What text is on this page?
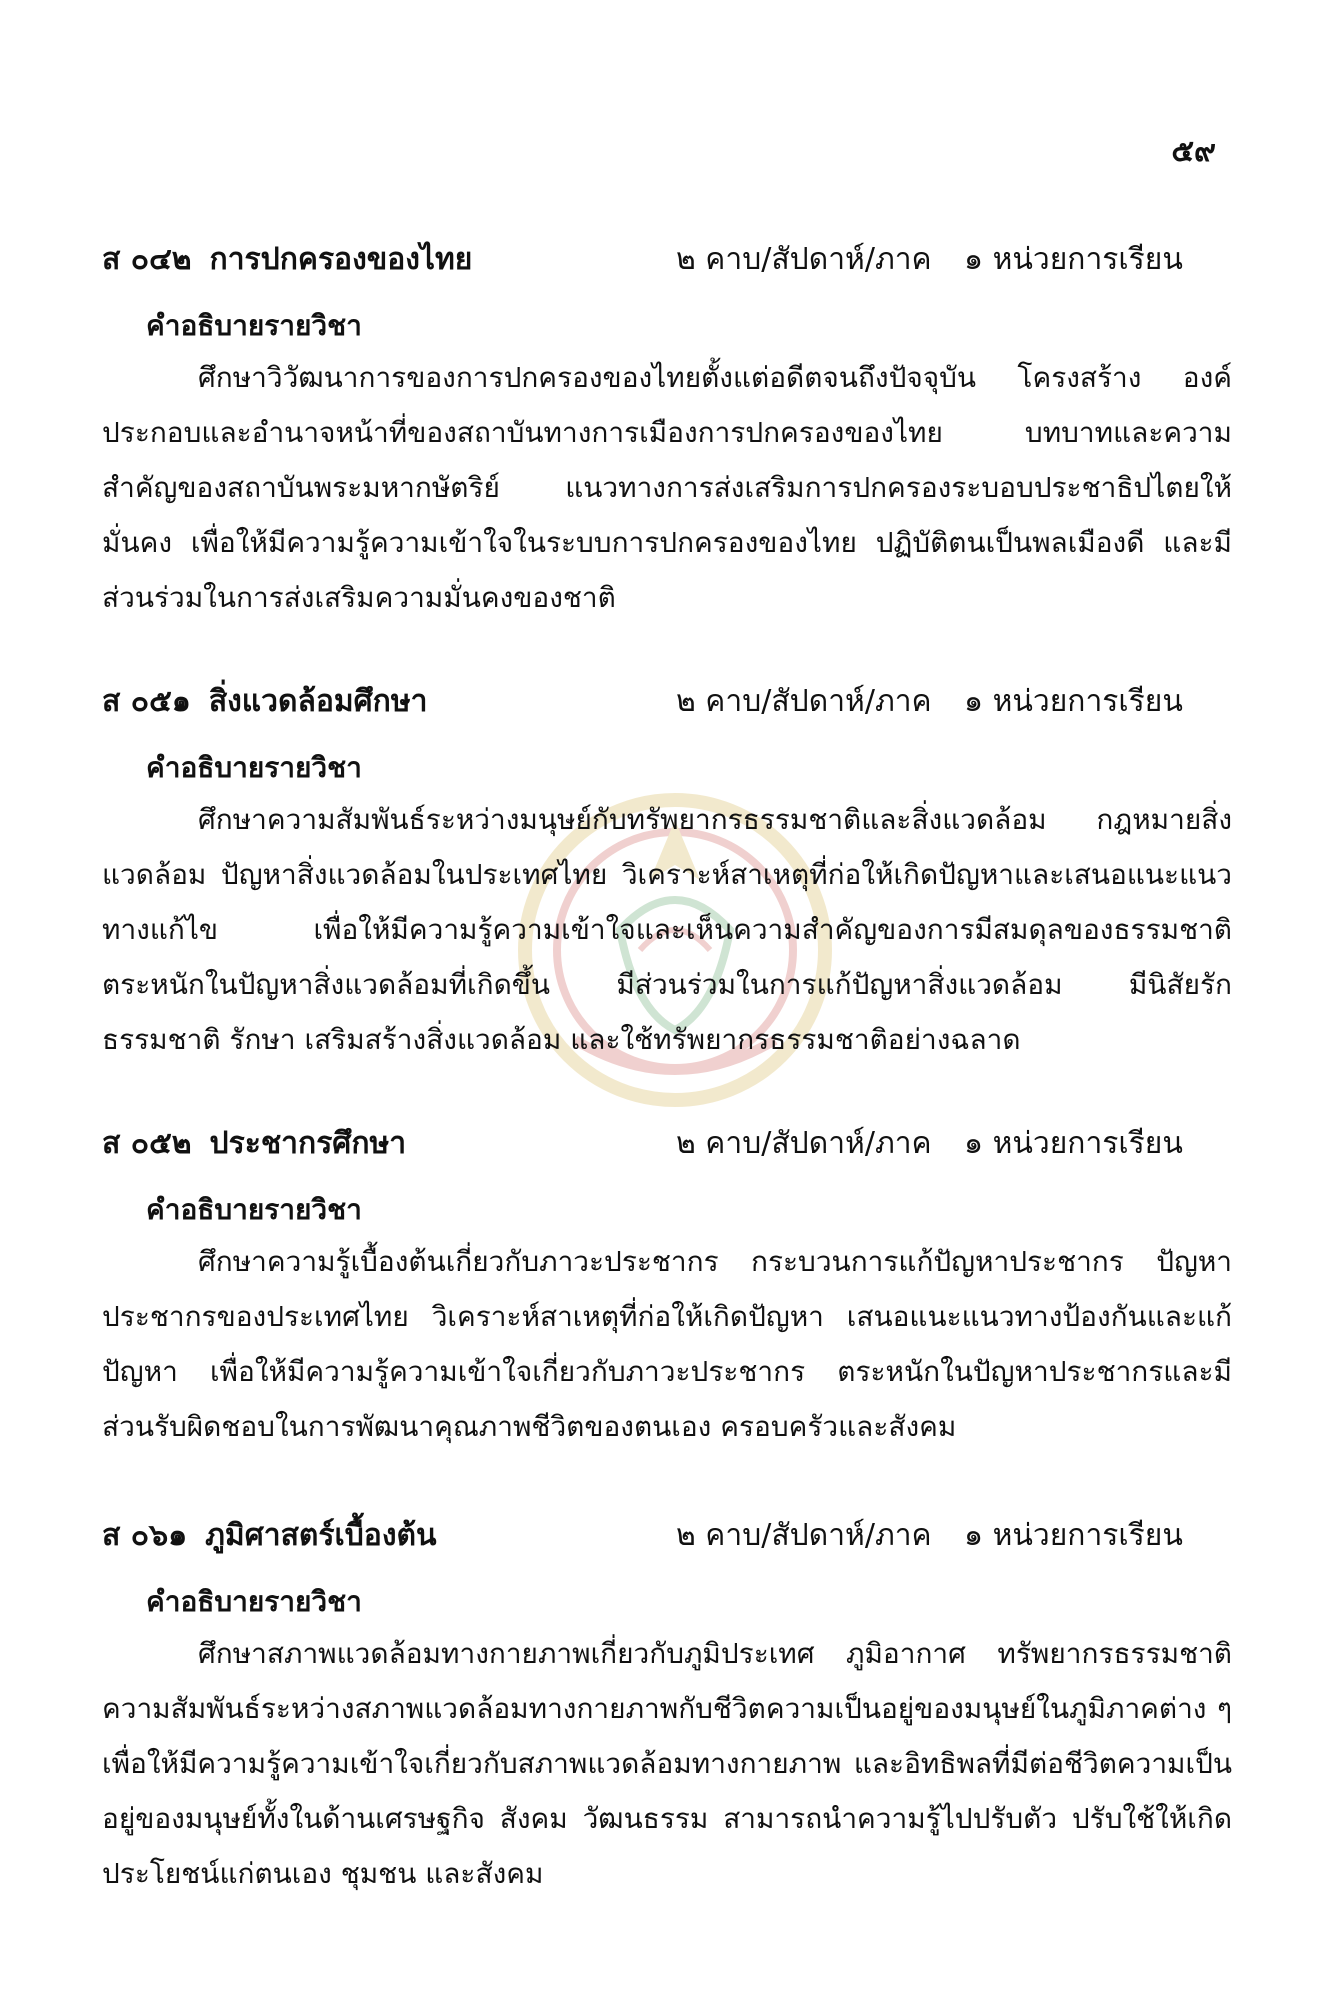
๕๙
ส ๐๔๒ การปกครองของไทย	๒ คาบ/สัปดาห์/ภาค ๑ หน่วยการเรียน
คำอธิบายรายวิชา

ศึกษาวิวัฒนาการของการปกครองของไทยตั้งแต่อดีตจนถึงปัจจุบัน โครงสร้าง องค์ประกอบและอำนาจหน้าที่ของสถาบันทางการเมืองการปกครองของไทย บทบาทและความสำคัญของสถาบันพระมหากษัตริย์ แนวทางการส่งเสริมการปกครองระบอบประชาธิปไตยให้มั่นคง เพื่อให้มีความรู้ความเข้าใจในระบบการปกครองของไทย ปฏิบัติตนเป็นพลเมืองดี และมีส่วนร่วมในการส่งเสริมความมั่นคงของชาติ

ส ๐๕๑ สิ่งแวดล้อมศึกษา	๒ คาบ/สัปดาห์/ภาค ๑ หน่วยการเรียน
คำอธิบายรายวิชา

ศึกษาความสัมพันธ์ระหว่างมนุษย์กับทรัพยากรธรรมชาติและสิ่งแวดล้อม กฎหมายสิ่งแวดล้อม ปัญหาสิ่งแวดล้อมในประเทศไทย วิเคราะห์สาเหตุที่ก่อให้เกิดปัญหาและเสนอแนะแนวทางแก้ไข เพื่อให้มีความรู้ความเข้าใจและเห็นความสำคัญของการมีสมดุลของธรรมชาติ ตระหนักในปัญหาสิ่งแวดล้อมที่เกิดขึ้น มีส่วนร่วมในการแก้ปัญหาสิ่งแวดล้อม มีนิสัยรักธรรมชาติ รักษา เสริมสร้างสิ่งแวดล้อม และใช้ทรัพยากรธรรมชาติอย่างฉลาด

ส ๐๕๒ ประชากรศึกษา	๒ คาบ/สัปดาห์/ภาค ๑ หน่วยการเรียน
คำอธิบายรายวิชา

ศึกษาความรู้เบื้องต้นเกี่ยวกับภาวะประชากร กระบวนการแก้ปัญหาประชากร ปัญหาประชากรของประเทศไทย วิเคราะห์สาเหตุที่ก่อให้เกิดปัญหา เสนอแนะแนวทางป้องกันและแก้ปัญหา เพื่อให้มีความรู้ความเข้าใจเกี่ยวกับภาวะประชากร ตระหนักในปัญหาประชากรและมีส่วนรับผิดชอบในการพัฒนาคุณภาพชีวิตของตนเอง ครอบครัวและสังคม

ส ๐๖๑ ภูมิศาสตร์เบื้องต้น	๒ คาบ/สัปดาห์/ภาค ๑ หน่วยการเรียน
คำอธิบายรายวิชา

ศึกษาสภาพแวดล้อมทางกายภาพเกี่ยวกับภูมิประเทศ ภูมิอากาศ ทรัพยากรธรรมชาติ ความสัมพันธ์ระหว่างสภาพแวดล้อมทางกายภาพกับชีวิตความเป็นอยู่ของมนุษย์ในภูมิภาคต่าง ๆ เพื่อให้มีความรู้ความเข้าใจเกี่ยวกับสภาพแวดล้อมทางกายภาพ และอิทธิพลที่มีต่อชีวิตความเป็นอยู่ของมนุษย์ทั้งในด้านเศรษฐกิจ สังคม วัฒนธรรม สามารถนำความรู้ไปปรับตัว ปรับใช้ให้เกิดประโยชน์แก่ตนเอง ชุมชน และสังคม
